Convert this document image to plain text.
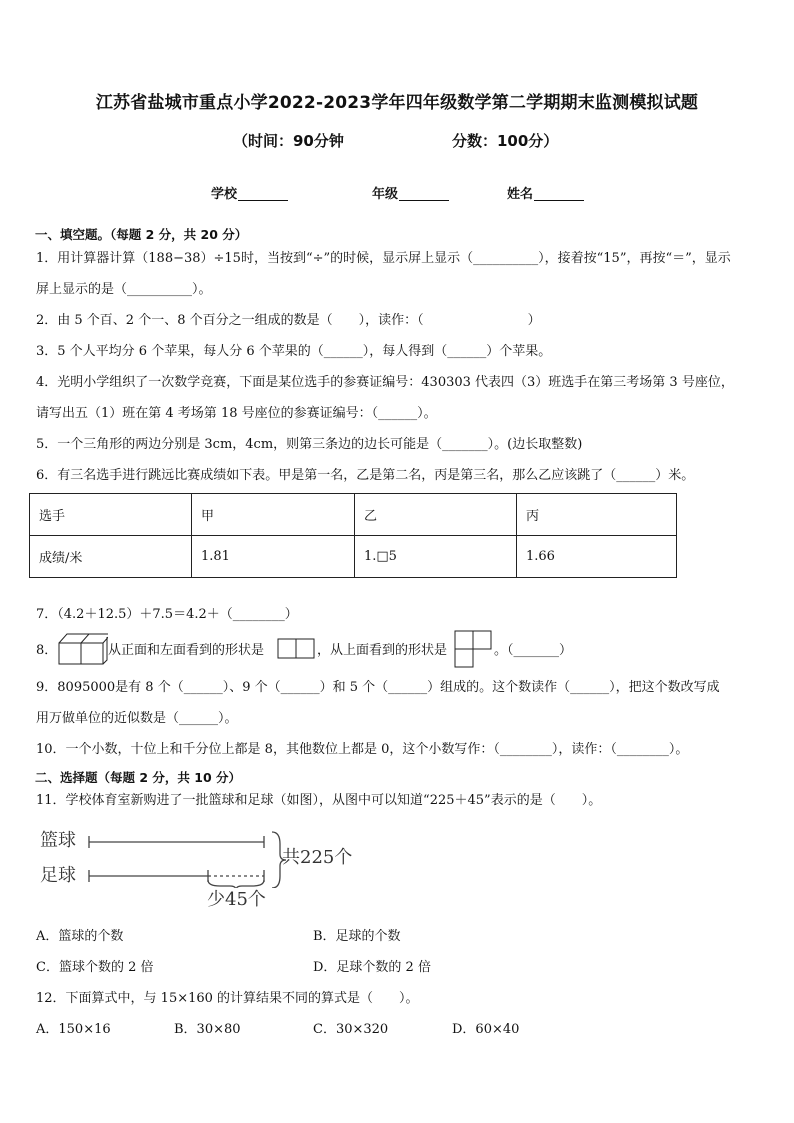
江苏省盐城市重点小学2022-2023学年四年级数学第二学期期末监测模拟试题
（时间：90分钟	分数：100分）
学校	年级	姓名
一、填空题。（每题 2 分，共 20 分）
1．用计算器计算（188−38）÷15时，当按到“÷”的时候，显示屏上显示（__________），接着按“15”，再按“＝”，显示
屏上显示的是（__________）。
2．由 5 个百、2 个一、8 个百分之一组成的数是（　　），读作：（　　　　　　　　）
3．5 个人平均分 6 个苹果，每人分 6 个苹果的（______），每人得到（______）个苹果。
4．光明小学组织了一次数学竞赛，下面是某位选手的参赛证编号：430303 代表四（3）班选手在第三考场第 3 号座位，
请写出五（1）班在第 4 考场第 18 号座位的参赛证编号：（______）。
5．一个三角形的两边分别是 3cm，4cm，则第三条边的边长可能是（_______）。(边长取整数)
6．有三名选手进行跳远比赛成绩如下表。甲是第一名，乙是第二名，丙是第三名，那么乙应该跳了（______）米。
选手	甲	乙	丙
成绩/米	1.81	1.□5	1.66
7．（4.2＋12.5）＋7.5＝4.2＋（________）
8．	从正面和左面看到的形状是	，从上面看到的形状是	。（_______）
9．8095000是有 8 个（______）、9 个（______）和 5 个（______）组成的。这个数读作（______），把这个数改写成
用万做单位的近似数是（______）。
10．一个小数，十位上和千分位上都是 8，其他数位上都是 0，这个小数写作：（________），读作：（________）。
二、选择题（每题 2 分，共 10 分）
11．学校体育室新购进了一批篮球和足球（如图），从图中可以知道“225＋45”表示的是（　　）。
篮球
足球
共225个
少45个
A．篮球的个数	B．足球的个数
C．篮球个数的 2 倍	D．足球个数的 2 倍
12．下面算式中，与 15×160 的计算结果不同的算式是（　　）。
A．150×16	B．30×80	C．30×320	D．60×40
